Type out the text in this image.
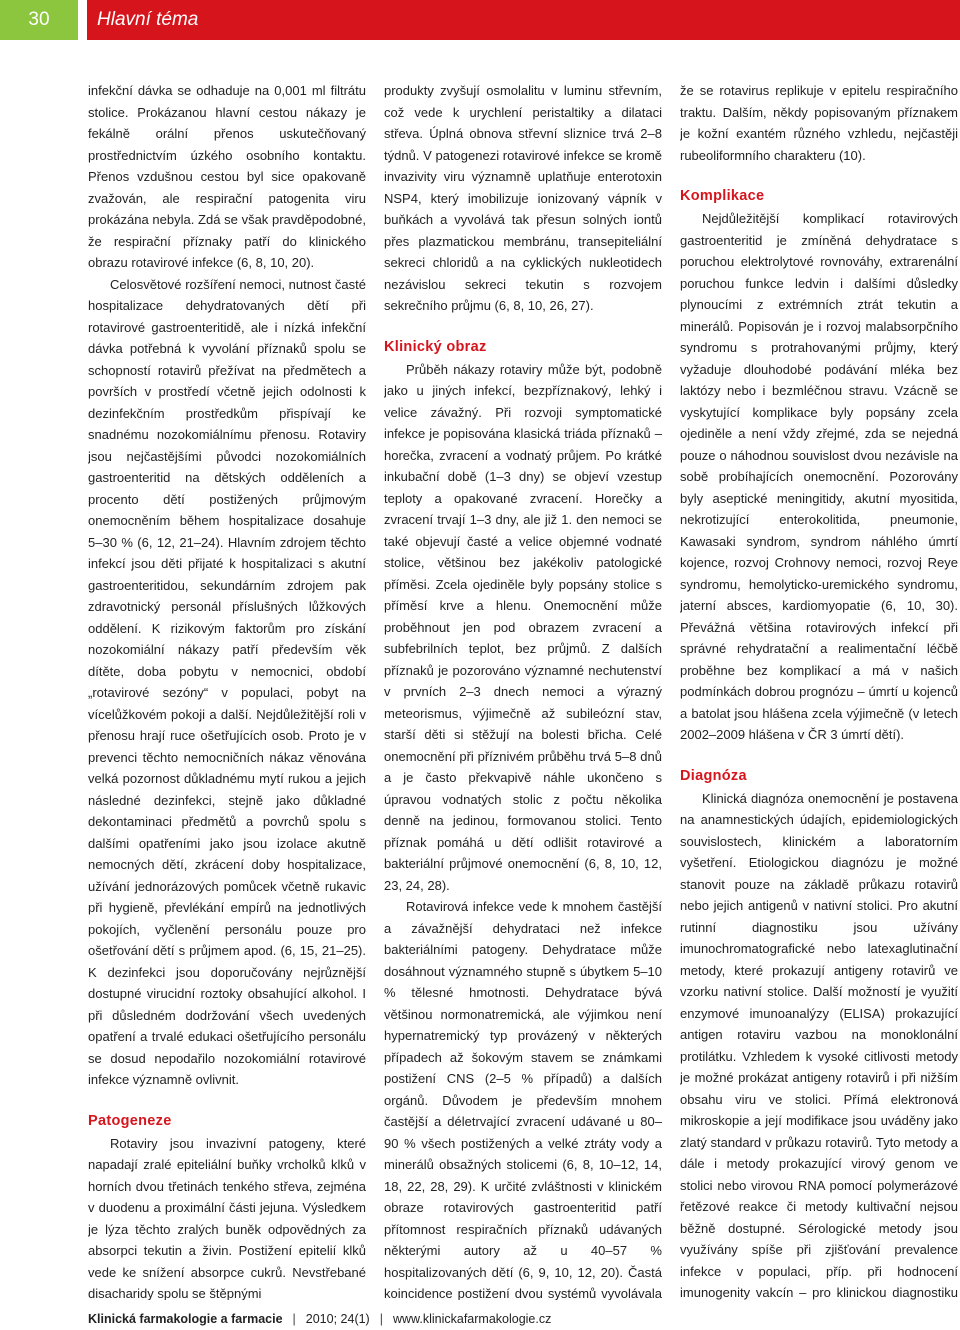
30	Hlavní téma

infekční dávka se odhaduje na 0,001 ml filtrátu stolice. Prokázanou hlavní cestou nákazy je fekálně orální přenos uskutečňovaný prostřednictvím úzkého osobního kontaktu. Přenos vzdušnou cestou byl sice opakovaně zvažován, ale respirační patogenita viru prokázána nebyla. Zdá se však pravděpodobné, že respirační příznaky patří do klinického obrazu rotavirové infekce (6, 8, 10, 20).

Celosvětové rozšíření nemoci, nutnost časté hospitalizace dehydratovaných dětí při rotavirové gastroenteritidě, ale i nízká infekční dávka potřebná k vyvolání příznaků spolu se schopností rotavirů přežívat na předmětech a površích v prostředí včetně jejich odolnosti k dezinfekčním prostředkům přispívají ke snadnému nozokomiálnímu přenosu. Rotaviry jsou nejčastějšími původci nozokomiálních gastroenteritid na dětských odděleních a procento dětí postižených průjmovým onemocněním během hospitalizace dosahuje 5–30 % (6, 12, 21–24). Hlavním zdrojem těchto infekcí jsou děti přijaté k hospitalizaci s akutní gastroenteritidou, sekundárním zdrojem pak zdravotnický personál příslušných lůžkových oddělení. K rizikovým faktorům pro získání nozokomiální nákazy patří především věk dítěte, doba pobytu v nemocnici, období „rotavirové sezóny“ v populaci, pobyt na vícelůžkovém pokoji a další. Nejdůležitější roli v přenosu hrají ruce ošetřujících osob. Proto je v prevenci těchto nemocničních nákaz věnována velká pozornost důkladnému mytí rukou a jejich následné dezinfekci, stejně jako důkladné dekontaminaci předmětů a povrchů spolu s dalšími opatřeními jako jsou izolace akutně nemocných dětí, zkrácení doby hospitalizace, užívání jednorázových pomůcek včetně rukavic při hygieně, převlékání empírů na jednotlivých pokojích, vyčlenění personálu pouze pro ošetřování dětí s průjmem apod. (6, 15, 21–25). K dezinfekci jsou doporučovány nejrůznější dostupné virucidní roztoky obsahující alkohol. I při důsledném dodržování všech uvedených opatření a trvalé edukaci ošetřujícího personálu se dosud nepodařilo nozokomiální rotavirové infekce významně ovlivnit.

Patogeneze

Rotaviry jsou invazivní patogeny, které napadají zralé epiteliální buňky vrcholků klků v horních dvou třetinách tenkého střeva, zejména v duodenu a proximální části jejuna. Výsledkem je lýza těchto zralých buněk odpovědných za absorpci tekutin a živin. Postižení epitelií klků vede ke snížení absorpce cukrů. Nevstřebané disacharidy spolu se štěpnými

produkty zvyšují osmolalitu v luminu střevním, což vede k urychlení peristaltiky a dilataci střeva. Úplná obnova střevní sliznice trvá 2–8 týdnů. V patogenezi rotavirové infekce se kromě invazivity viru významně uplatňuje enterotoxin NSP4, který imobilizuje ionizovaný vápník v buňkách a vyvolává tak přesun solných iontů přes plazmatickou membránu, transepiteliální sekreci chloridů a na cyklických nukleotidech nezávislou sekreci tekutin s rozvojem sekrečního průjmu (6, 8, 10, 26, 27).

Klinický obraz

Průběh nákazy rotaviry může být, podobně jako u jiných infekcí, bezpříznakový, lehký i velice závažný. Při rozvoji symptomatické infekce je popisována klasická triáda příznaků – horečka, zvracení a vodnatý průjem. Po krátké inkubační době (1–3 dny) se objeví vzestup teploty a opakované zvracení. Horečky a zvracení trvají 1–3 dny, ale již 1. den nemoci se také objevují časté a velice objemné vodnaté stolice, většinou bez jakékoliv patologické příměsi. Zcela ojediněle byly popsány stolice s příměsí krve a hlenu. Onemocnění může proběhnout jen pod obrazem zvracení a subfebrilních teplot, bez průjmů. Z dalších příznaků je pozorováno významné nechutenství v prvních 2–3 dnech nemoci a výrazný meteorismus, výjimečně až subileózní stav, starší děti si stěžují na bolesti břicha. Celé onemocnění při příznivém průběhu trvá 5–8 dnů a je často překvapivě náhle ukončeno s úpravou vodnatých stolic z počtu několika denně na jedinou, formovanou stolici. Tento příznak pomáhá u dětí odlišit rotavirové a bakteriální průjmové onemocnění (6, 8, 10, 12, 23, 24, 28).

Rotavirová infekce vede k mnohem častější a závažnější dehydrataci než infekce bakteriálními patogeny. Dehydratace může dosáhnout významného stupně s úbytkem 5–10 % tělesné hmotnosti. Dehydratace bývá většinou normonatremická, ale výjimkou není hypernatremický typ provázený v některých případech až šokovým stavem se známkami postižení CNS (2–5 % případů) a dalších orgánů. Důvodem je především mnohem častější a déletrvající zvracení udávané u 80–90 % všech postižených a velké ztráty vody a minerálů obsažných stolicemi (6, 8, 10–12, 14, 18, 22, 28, 29). K určité zvláštnosti v klinickém obraze rotavirových gastroenteritid patří přítomnost respiračních příznaků udávaných některými autory až u 40–57 % hospitalizovaných dětí (6, 9, 10, 12, 20). Častá koincidence postižení dvou systémů vyvolávala

že se rotavirus replikuje v epitelu respiračního traktu. Dalším, někdy popisovaným příznakem je kožní exantém různého vzhledu, nejčastěji rubeoliformního charakteru (10).

Komplikace

Nejdůležitější komplikací rotavirových gastroenteritid je zmíněná dehydratace s poruchou elektrolytové rovnováhy, extrarenální poruchou funkce ledvin i dalšími důsledky plynoucími z extrémních ztrát tekutin a minerálů. Popisován je i rozvoj malabsorpčního syndromu s protrahovanými průjmy, který vyžaduje dlouhodobé podávání mléka bez laktózy nebo i bezmléčnou stravu. Vzácně se vyskytující komplikace byly popsány zcela ojediněle a není vždy zřejmé, zda se nejedná pouze o náhodnou souvislost dvou nezávisle na sobě probíhajících onemocnění. Pozorovány byly aseptické meningitidy, akutní myositida, nekrotizující enterokolitida, pneumonie, Kawasaki syndrom, syndrom náhlého úmrtí kojence, rozvoj Crohnovy nemoci, rozvoj Reye syndromu, hemolyticko-uremického syndromu, jaterní absces, kardiomyopatie (6, 10, 30). Převážná většina rotavirových infekcí při správné rehydratační a realimentační léčbě proběhne bez komplikací a má v našich podmínkách dobrou prognózu – úmrtí u kojenců a batolat jsou hlášena zcela výjimečně (v letech 2002–2009 hlášena v ČR 3 úmrtí dětí).

Diagnóza

Klinická diagnóza onemocnění je postavena na anamnestických údajích, epidemiologických souvislostech, klinickém a laboratorním vyšetření. Etiologickou diagnózu je možné stanovit pouze na základě průkazu rotavirů nebo jejich antigenů v nativní stolici. Pro akutní rutinní diagnostiku jsou užívány imunochromatografické nebo latexaglutinační metody, které prokazují antigeny rotavirů ve vzorku nativní stolice. Další možností je využití enzymové imunoanalýzy (ELISA) prokazující antigen rotaviru vazbou na monoklonální protilátku. Vzhledem k vysoké citlivosti metody je možné prokázat antigeny rotavirů i při nižším obsahu viru ve stolici. Přímá elektronová mikroskopie a její modifikace jsou uváděny jako zlatý standard v průkazu rotavirů. Tyto metody a dále i metody prokazující virový genom ve stolici nebo virovou RNA pomocí polymerázové řetězové reakce či metody kultivační nejsou běžně dostupné. Sérologické metody jsou využívány spíše při zjišťování prevalence infekce v populaci, příp. při hodnocení imunogenity vakcín – pro klinickou diagnostiku

Klinická farmakologie a farmacie | 2010; 24(1) | www.klinickafarmakologie.cz
